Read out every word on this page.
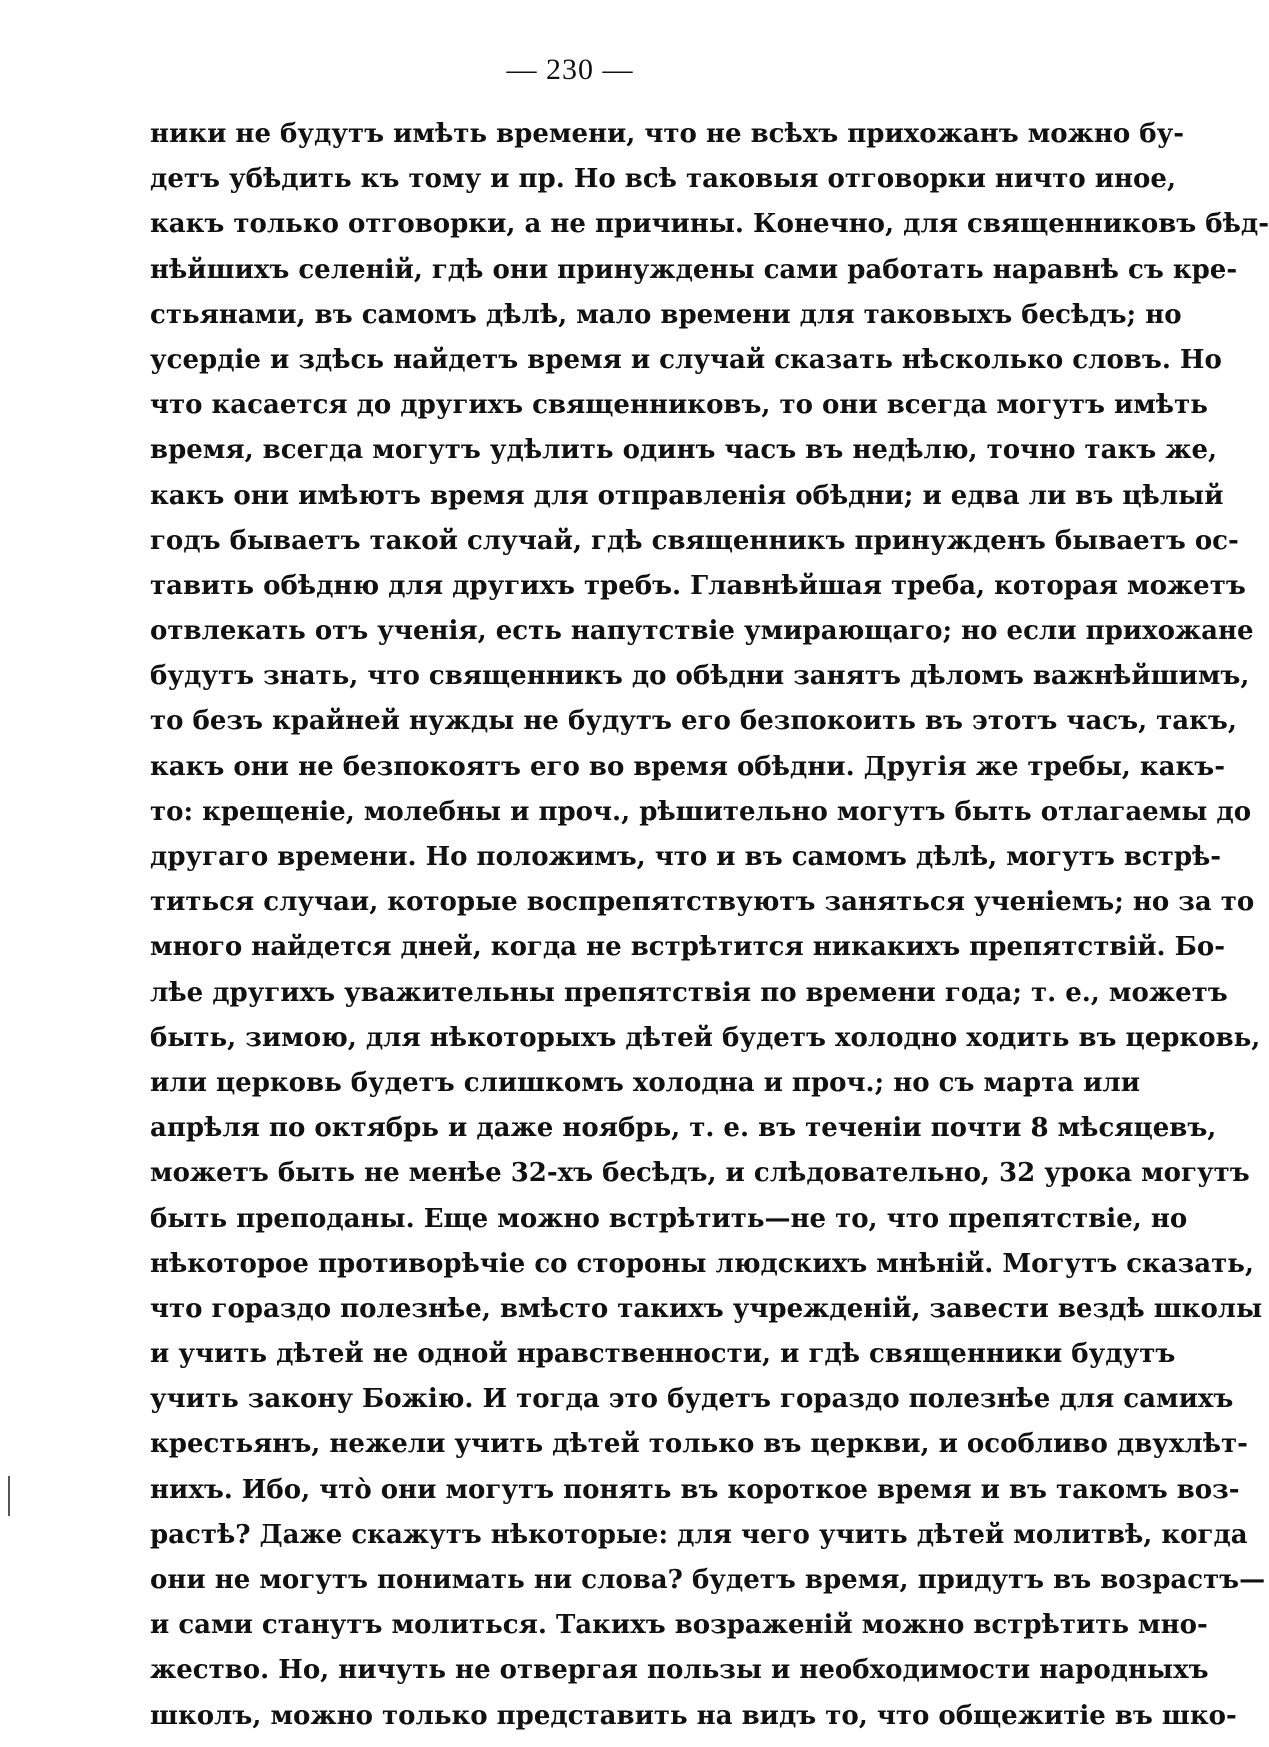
— 230 —
ники не будутъ имѣть времени, что не всѣхъ прихожанъ можно бу-
детъ убѣдить къ тому и пр. Но всѣ таковыя отговорки ничто иное,
какъ только отговорки, а не причины. Конечно, для священниковъ бѣд-
нѣйшихъ селеній, гдѣ они принуждены сами работать наравнѣ съ кре-
стьянами, въ самомъ дѣлѣ, мало времени для таковыхъ бесѣдъ; но
усердіе и здѣсь найдетъ время и случай сказать нѣсколько словъ. Но
что касается до другихъ священниковъ, то они всегда могутъ имѣть
время, всегда могутъ удѣлить одинъ часъ въ недѣлю, точно такъ же,
какъ они имѣютъ время для отправленія обѣдни; и едва ли въ цѣлый
годъ бываетъ такой случай, гдѣ священникъ принужденъ бываетъ ос-
тавить обѣдню для другихъ требъ. Главнѣйшая треба, которая можетъ
отвлекать отъ ученія, есть напутствіе умирающаго; но если прихожане
будутъ знать, что священникъ до обѣдни занятъ дѣломъ важнѣйшимъ,
то безъ крайней нужды не будутъ его безпокоить въ этотъ часъ, такъ,
какъ они не безпокоятъ его во время обѣдни. Другія же требы, какъ-
то: крещеніе, молебны и проч., рѣшительно могутъ быть отлагаемы до
другаго времени. Но положимъ, что и въ самомъ дѣлѣ, могутъ встрѣ-
титься случаи, которые воспрепятствуютъ заняться ученіемъ; но за то
много найдется дней, когда не встрѣтится никакихъ препятствій. Бо-
лѣе другихъ уважительны препятствія по времени года; т. е., можетъ
быть, зимою, для нѣкоторыхъ дѣтей будетъ холодно ходить въ церковь,
или церковь будетъ слишкомъ холодна и проч.; но съ марта или
апрѣля по октябрь и даже ноябрь, т. е. въ теченіи почти 8 мѣсяцевъ,
можетъ быть не менѣе 32-хъ бесѣдъ, и слѣдовательно, 32 урока могутъ
быть преподаны. Еще можно встрѣтить—не то, что препятствіе, но
нѣкоторое противорѣчіе со стороны людскихъ мнѣній. Могутъ сказать,
что гораздо полезнѣе, вмѣсто такихъ учрежденій, завести вездѣ школы
и учить дѣтей не одной нравственности, и гдѣ священники будутъ
учить закону Божію. И тогда это будетъ гораздо полезнѣе для самихъ
крестьянъ, нежели учить дѣтей только въ церкви, и особливо двухлѣт-
нихъ. Ибо, что̀ они могутъ понять въ короткое время и въ такомъ воз-
растѣ? Даже скажутъ нѣкоторые: для чего учить дѣтей молитвѣ, когда
они не могутъ понимать ни слова? будетъ время, придутъ въ возрастъ—
и сами станутъ молиться. Такихъ возраженій можно встрѣтить мно-
жество. Но, ничуть не отвергая пользы и необходимости народныхъ
школъ, можно только представить на видъ то, что общежитіе въ шко-
